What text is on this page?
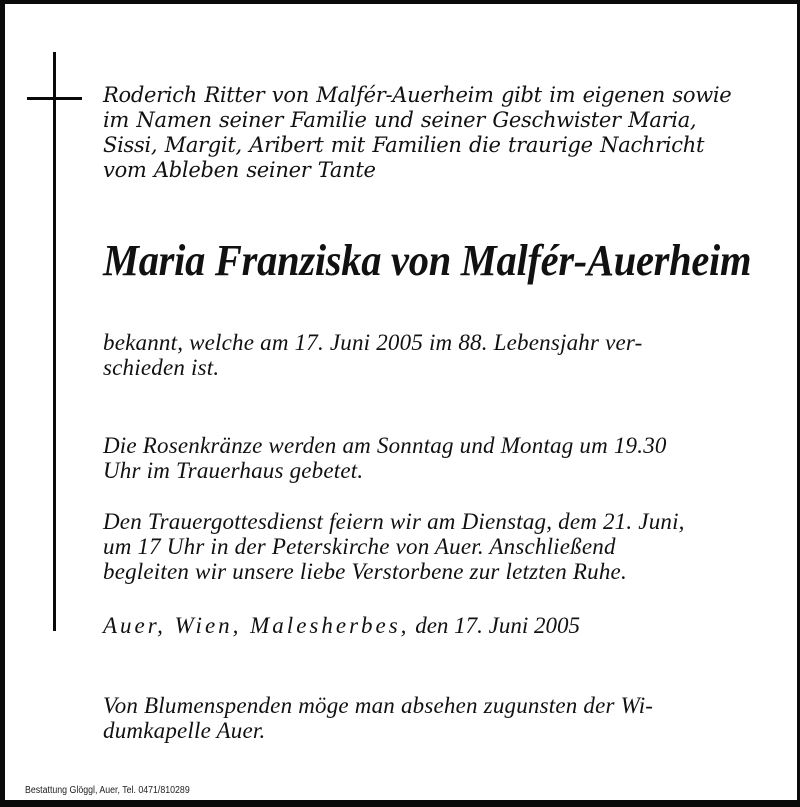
Roderich Ritter von Malfér-Auerheim gibt im eigenen sowie
im Namen seiner Familie und seiner Geschwister Maria,
Sissi, Margit, Aribert mit Familien die traurige Nachricht
vom Ableben seiner Tante

Maria Franziska von Malfér-Auerheim

bekannt, welche am 17. Juni 2005 im 88. Lebensjahr ver-
schieden ist.

Die Rosenkränze werden am Sonntag und Montag um 19.30
Uhr im Trauerhaus gebetet.

Den Trauergottesdienst feiern wir am Dienstag, dem 21. Juni,
um 17 Uhr in der Peterskirche von Auer. Anschließend
begleiten wir unsere liebe Verstorbene zur letzten Ruhe.

Auer, Wien, Malesherbes, den 17. Juni 2005

Von Blumenspenden möge man absehen zugunsten der Wi-
dumkapelle Auer.

Bestattung Glöggl, Auer, Tel. 0471/810289
